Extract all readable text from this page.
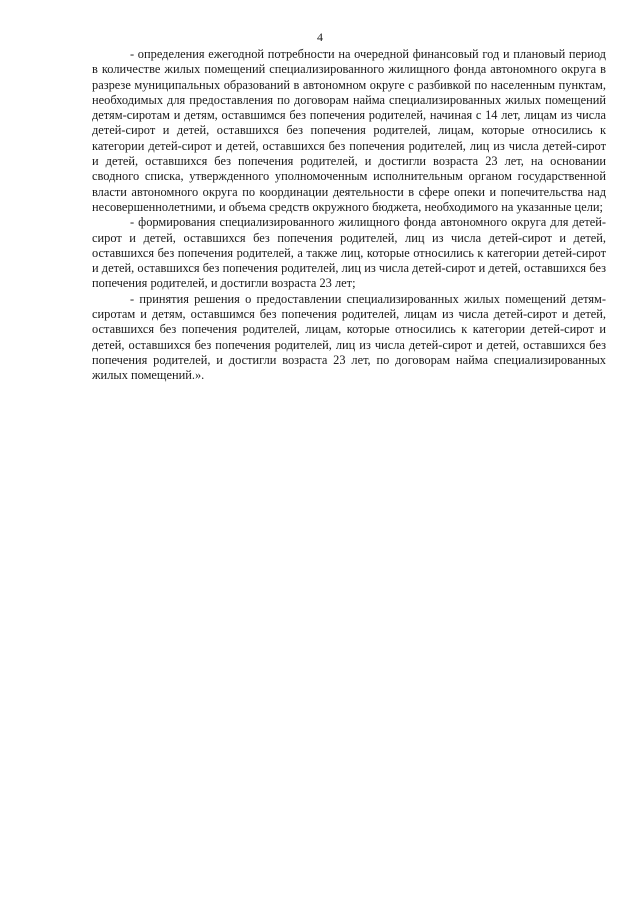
4

- определения ежегодной потребности на очередной финансовый год и плановый период в количестве жилых помещений специализированного жилищного фонда автономного округа в разрезе муниципальных образований в автономном округе с разбивкой по населенным пунктам, необходимых для предоставления по договорам найма специализированных жилых помещений детям-сиротам и детям, оставшимся без попечения родителей, начиная с 14 лет, лицам из числа детей-сирот и детей, оставшихся без попечения родителей, лицам, которые относились к категории детей-сирот и детей, оставшихся без попечения родителей, лиц из числа детей-сирот и детей, оставшихся без попечения родителей, и достигли возраста 23 лет, на основании сводного списка, утвержденного уполномоченным исполнительным органом государственной власти автономного округа по координации деятельности в сфере опеки и попечительства над несовершеннолетними, и объема средств окружного бюджета, необходимого на указанные цели;

- формирования специализированного жилищного фонда автономного округа для детей-сирот и детей, оставшихся без попечения родителей, лиц из числа детей-сирот и детей, оставшихся без попечения родителей, а также лиц, которые относились к категории детей-сирот и детей, оставшихся без попечения родителей, лиц из числа детей-сирот и детей, оставшихся без попечения родителей, и достигли возраста 23 лет;

- принятия решения о предоставлении специализированных жилых помещений детям-сиротам и детям, оставшимся без попечения родителей, лицам из числа детей-сирот и детей, оставшихся без попечения родителей, лицам, которые относились к категории детей-сирот и детей, оставшихся без попечения родителей, лиц из числа детей-сирот и детей, оставшихся без попечения родителей, и достигли возраста 23 лет, по договорам найма специализированных жилых помещений.».
